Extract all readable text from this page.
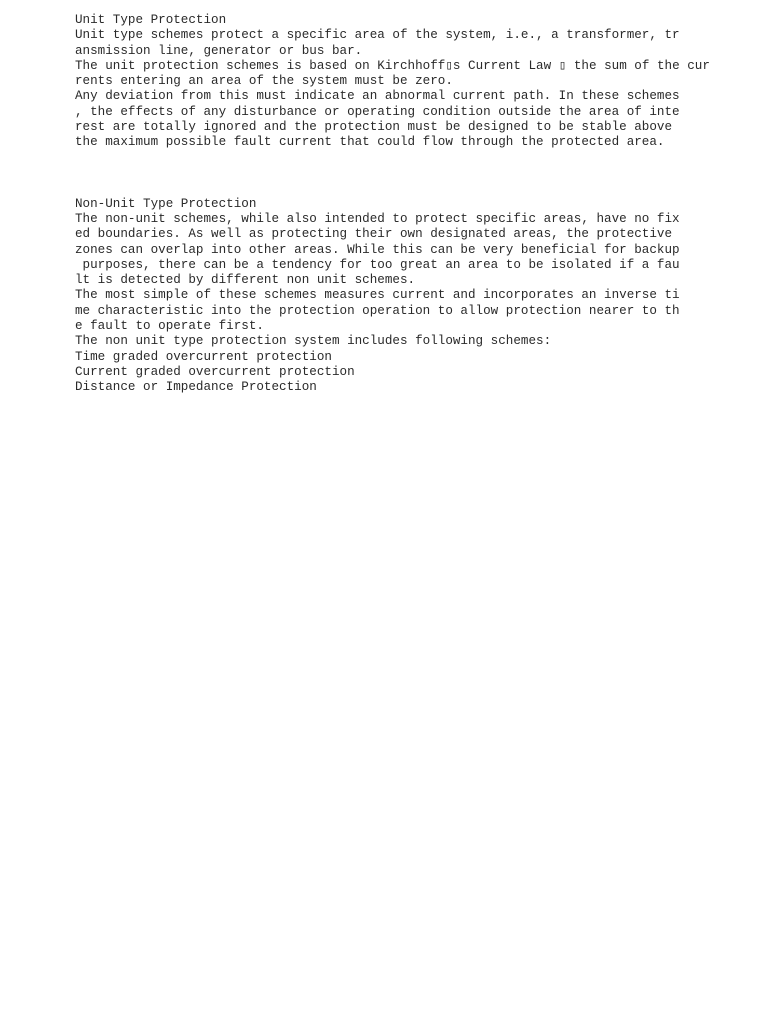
Unit Type Protection
Unit type schemes protect a specific area of the system, i.e., a transformer, tr
ansmission line, generator or bus bar.
The unit protection schemes is based on Kirchhoff▯s Current Law ▯ the sum of the cur
rents entering an area of the system must be zero.
Any deviation from this must indicate an abnormal current path. In these schemes
, the effects of any disturbance or operating condition outside the area of inte
rest are totally ignored and the protection must be designed to be stable above
the maximum possible fault current that could flow through the protected area.
Non-Unit Type Protection
The non-unit schemes, while also intended to protect specific areas, have no fix
ed boundaries. As well as protecting their own designated areas, the protective
zones can overlap into other areas. While this can be very beneficial for backup
purposes, there can be a tendency for too great an area to be isolated if a fau
lt is detected by different non unit schemes.
The most simple of these schemes measures current and incorporates an inverse ti
me characteristic into the protection operation to allow protection nearer to th
e fault to operate first.
The non unit type protection system includes following schemes:
Time graded overcurrent protection
Current graded overcurrent protection
Distance or Impedance Protection
